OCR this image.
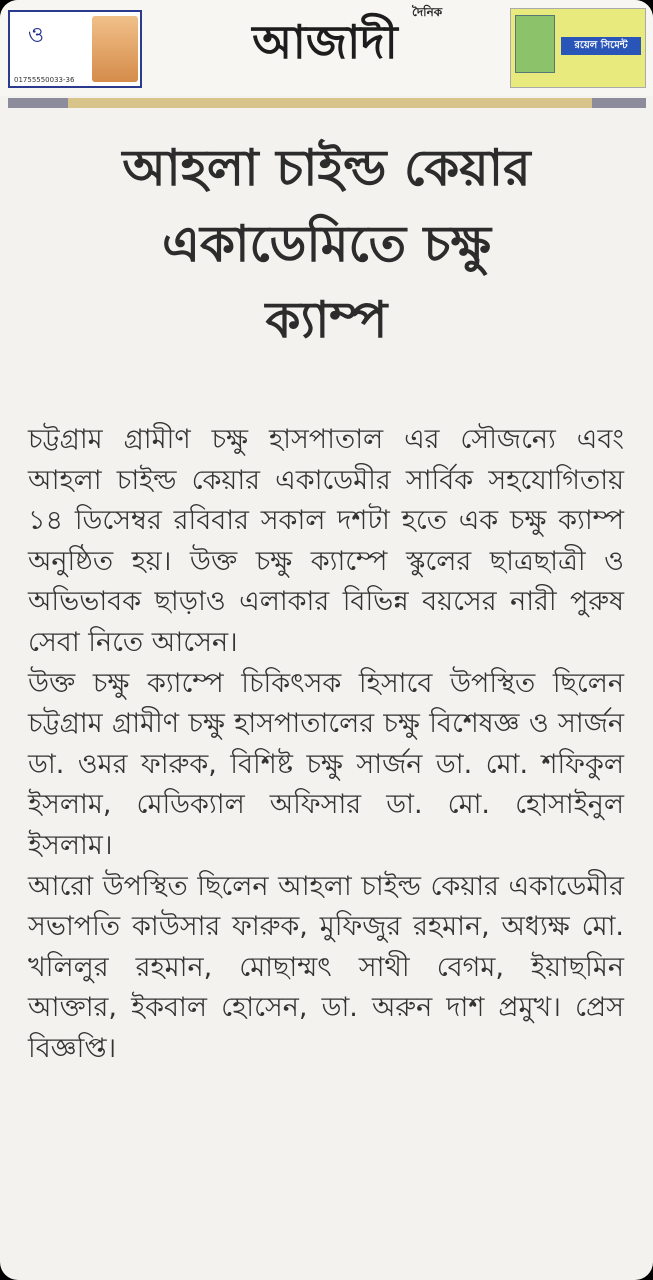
ও
01755550033-36
দৈনিক
আজাদী	রয়েল সিমেন্ট
আহলা চাইল্ড কেয়ার
একাডেমিতে চক্ষু
ক্যাম্প

চট্টগ্রাম গ্রামীণ চক্ষু হাসপাতাল এর সৌজন্যে এবং আহলা চাইল্ড কেয়ার একাডেমীর সার্বিক সহযোগিতায় ১৪ ডিসেম্বর রবিবার সকাল দশটা হতে এক চক্ষু ক্যাম্প অনুষ্ঠিত হয়। উক্ত চক্ষু ক্যাম্পে স্কুলের ছাত্রছাত্রী ও অভিভাবক ছাড়াও এলাকার বিভিন্ন বয়সের নারী পুরুষ সেবা নিতে আসেন।

উক্ত চক্ষু ক্যাম্পে চিকিৎসক হিসাবে উপস্থিত ছিলেন চট্টগ্রাম গ্রামীণ চক্ষু হাসপাতালের চক্ষু বিশেষজ্ঞ ও সার্জন ডা. ওমর ফারুক, বিশিষ্ট চক্ষু সার্জন ডা. মো. শফিকুল ইসলাম, মেডিক্যাল অফিসার ডা. মো. হোসাইনুল ইসলাম।

আরো উপস্থিত ছিলেন আহলা চাইল্ড কেয়ার একাডেমীর সভাপতি কাউসার ফারুক, মুফিজুর রহমান, অধ্যক্ষ মো. খলিলুর রহমান, মোছাম্মৎ সাথী বেগম, ইয়াছমিন আক্তার, ইকবাল হোসেন, ডা. অরুন দাশ প্রমুখ। প্রেস বিজ্ঞপ্তি।
